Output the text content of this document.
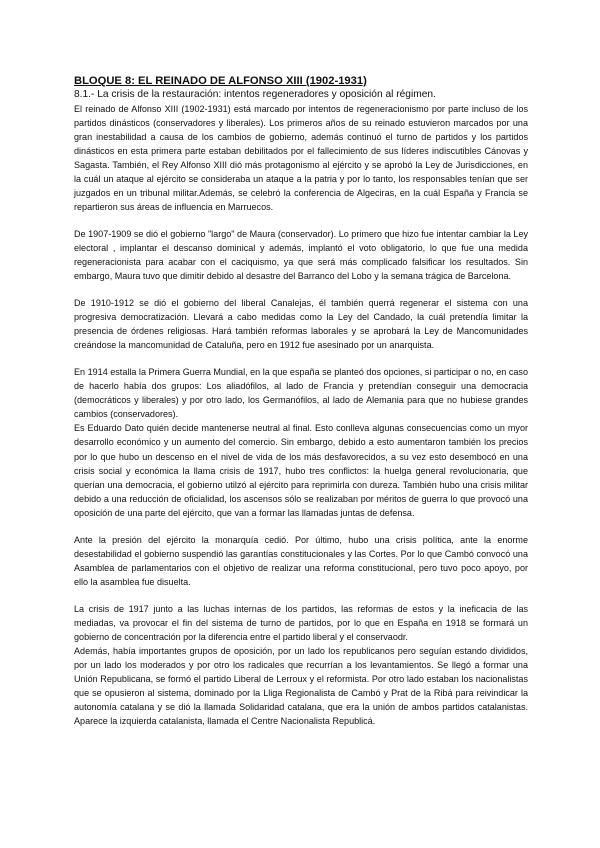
BLOQUE 8: EL REINADO DE ALFONSO XIII (1902-1931)

8.1.- La crisis de la restauración: intentos regeneradores y oposición al régimen.

El reinado de Alfonso XIII (1902-1931) está marcado por intentos de regeneracionismo por parte incluso de los partidos dinásticos (conservadores y liberales). Los primeros años de su reinado estuvieron marcados por una gran inestabilidad a causa de los cambios de gobierno, además continuó el turno de partidos y los partidos dinásticos en esta primera parte estaban debilitados por el fallecimiento de sus líderes indiscutibles Cánovas y Sagasta. También, el Rey Alfonso XIII dió más protagonismo al ejército y se aprobó la Ley de Jurisdicciones, en la cuál un ataque al ejército se consideraba un ataque a la patria y por lo tanto, los responsables tenían que ser juzgados en un tribunal militar.Además, se celebró la conferencia de Algeciras, en la cuál España y Francia se repartieron sus áreas de influencia en Marruecos.

De 1907-1909 se dió el gobierno "largo" de Maura (conservador). Lo primero que hizo fue intentar cambiar la Ley electoral , implantar el descanso dominical y además, implantó el voto obligatorio, lo que fue una medida regeneracionista para acabar con el caciquismo, ya que será más complicado falsificar los resultados. Sin embargo, Maura tuvo que dimitir debido al desastre del Barranco del Lobo y la semana trágica de Barcelona.

De 1910-1912 se dió el gobierno del liberal Canalejas, él también querrá regenerar el sistema con una progresiva democratización. Llevará a cabo medidas como la Ley del Candado, la cuál pretendía limitar la presencia de órdenes religiosas. Hará también reformas laborales y se aprobará la Ley de Mancomunidades creándose la mancomunidad de Cataluña, pero en 1912 fue asesinado por un anarquista.

En 1914 estalla la Primera Guerra Mundial, en la que españa se planteó dos opciones, si participar o no, en caso de hacerlo había dos grupos: Los aliadófilos, al lado de Francia y pretendían conseguir una democracia (democráticos y liberales) y por otro lado, los Germanófilos, al lado de Alemania para que no hubiese grandes cambios (conservadores).

Es Eduardo Dato quién decide mantenerse neutral al final. Esto conlleva algunas consecuencias como un myor desarrollo económico y un aumento del comercio. Sin embargo, debido a esto aumentaron también los precios por lo que hubo un descenso en el nivel de vida de los más desfavorecidos, a su vez esto desembocó en una crisis social y económica la llama crisis de 1917, hubo tres conflictos: la huelga general revolucionaria, que querían una democracia, el gobierno utilzó al ejército para reprimirla con dureza. También hubo una crisis militar debido a una reducción de oficialidad, los ascensos sólo se realizaban por méritos de guerra lo que provocó una oposición de una parte del ejército, que van a formar las llamadas juntas de defensa.

Ante la presión del ejército la monarquía cedió. Por último, hubo una crisis política, ante la enorme desestabilidad el gobierno suspendió las garantías constitucionales y las Cortes. Por lo que Cambó convocó una Asamblea de parlamentarios con el objetivo de realizar una reforma constitucional, pero tuvo poco apoyo, por ello la asamblea fue disuelta.

La crisis de 1917 junto a las luchas internas de los partidos, las reformas de estos y la ineficacia de las mediadas, va provocar el fin del sistema de turno de partidos, por lo que en España en 1918 se formará un gobierno de concentración por la diferencia entre el partido liberal y el conservaodr.

Además, había importantes grupos de oposición, por un lado los republicanos pero seguían estando divididos, por un lado los moderados y por otro los radicales que recurrían a los levantamientos. Se llegó a formar una Unión Republicana, se formó el partido Liberal de Lerroux y el reformista. Por otro lado estaban los nacionalistas que se opusieron al sistema, dominado por la Lliga Regionalista de Cambó y Prat de la Ribá para reivindicar la autonomía catalana y se dió la llamada Solidaridad catalana, que era la unión de ambos partidos catalanistas. Aparece la izquierda catalanista, llamada el Centre Nacionalista Republicá.
